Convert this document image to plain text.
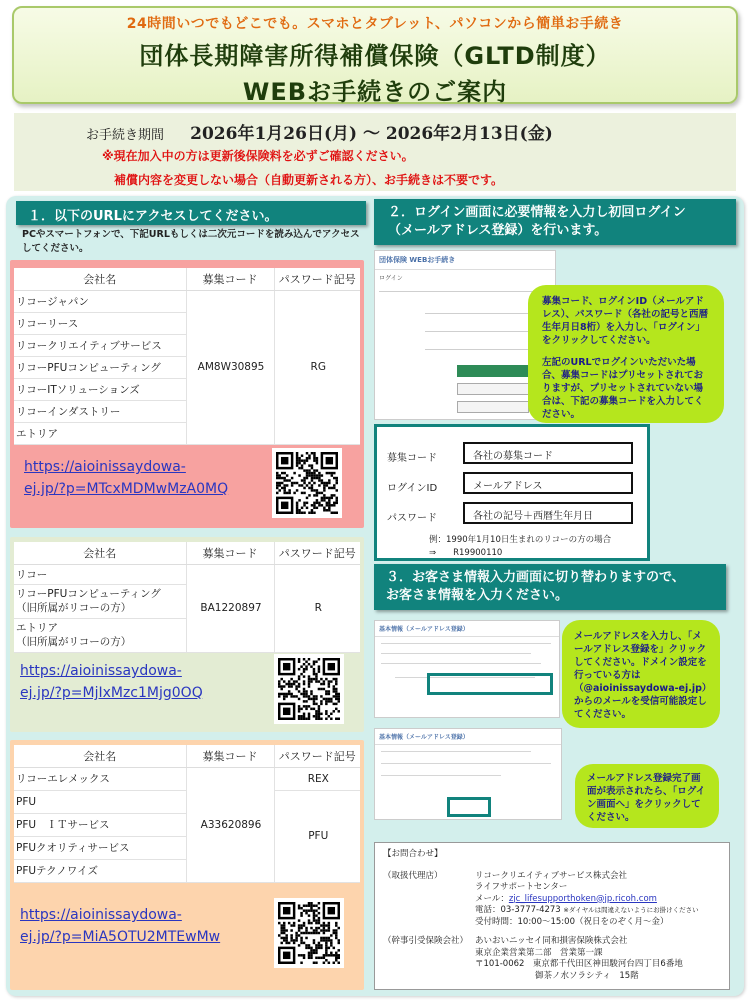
24時間いつでもどこでも。スマホとタブレット、パソコンから簡単お手続き
団体長期障害所得補償保険（GLTD制度）
WEBお手続きのご案内
お手続き期間 2026年1月26日(月) ～ 2026年2月13日(金)
※現在加入中の方は更新後保険料を必ずご確認ください。
補償内容を変更しない場合（自動更新される方）、お手続きは不要です。
１．以下のURLにアクセスしてください。
PCやスマートフォンで、下記URLもしくは二次元コードを読み込んでアクセスしてください。
会社名	募集コード	パスワード記号
リコージャパン	AM8W30895	RG
リコーリース		
リコークリエイティブサービス		
リコーPFUコンピューティング		
リコーITソリューションズ		
リコーインダストリー		
エトリア		
https://aioinissaydowa-
ej.jp/?p=MTcxMDMwMzA0MQ
会社名	募集コード	パスワード記号
リコー	BA1220897	R

リコーPFUコンピューティング
（旧所属がリコーの方）		

エトリア
（旧所属がリコーの方）		
https://aioinissaydowa-
ej.jp/?p=MjIxMzc1Mjg0OQ
会社名	募集コード	パスワード記号
リコーエレメックス	A33620896	REX
PFU		PFU
PFU　ＩＴサービス		
PFUクオリティサービス		
PFUテクノワイズ		
https://aioinissaydowa-
ej.jp/?p=MiA5OTU2MTEwMw
２．ログイン画面に必要情報を入力し初回ログイン
（メールアドレス登録）を行います。
団体保険 WEBお手続き
ログイン

募集コード、ログインID（メールアドレス）、パスワード（各社の記号と西暦生年月日8桁）を入力し、「ログイン」をクリックしてください。

左記のURLでログインいただいた場合、募集コードはプリセットされておりますが、プリセットされていない場合は、下記の募集コードを入力してください。

募集コード	各社の募集コード
ログインID	メールアドレス
パスワード	各社の記号＋西暦生年月日
例：1990年1月10日生まれのリコーの方の場合
⇒　　R19900110
３．お客さま情報入力画面に切り替わりますので、
お客さま情報を入力ください。
基本情報（メールアドレス登録）
基本情報（メールアドレス登録）
メールアドレスを入力し、「メールアドレス登録を」クリックしてください。ドメイン設定を行っている方は（@aioinissaydowa-ej.jp）からのメールを受信可能設定してください。
メールアドレス登録完了画面が表示されたら、「ログイン画面へ」をクリックしてください。
【お問合わせ】
（取扱代理店）	リコークリエイティブサービス株式会社
ライフサポートセンター
メール：zjc_lifesupporthoken@jp.ricoh.com
電話：03-3777-4273 ※ダイヤルは間違えないようにお掛けください
受付時間：10:00～15:00（祝日をのぞく月～金）
（幹事引受保険会社） あいおいニッセイ同和損害保険株式会社
東京企業営業第二部　営業第一課
〒101-0062　東京都千代田区神田駿河台四丁目6番地
御茶ノ水ソラシティ　15階
